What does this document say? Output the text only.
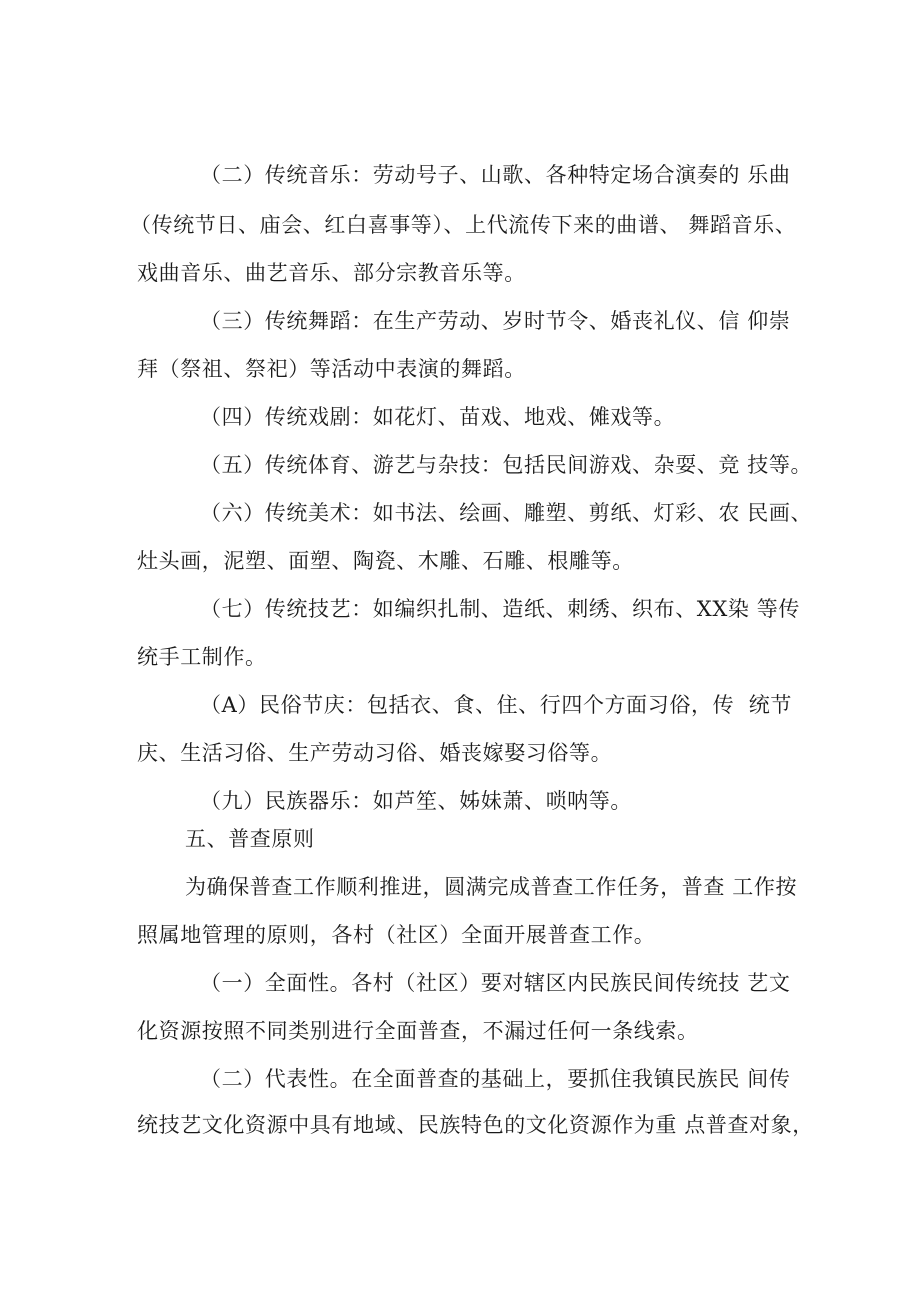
（二）传统音乐：劳动号子、山歌、各种特定场合演奏的 乐曲
（传统节日、庙会、红白喜事等）、上代流传下来的曲谱、 舞蹈音乐、
戏曲音乐、曲艺音乐、部分宗教音乐等。
（三）传统舞蹈：在生产劳动、岁时节令、婚丧礼仪、信 仰崇
拜（祭祖、祭祀）等活动中表演的舞蹈。
（四）传统戏剧：如花灯、苗戏、地戏、傩戏等。
（五）传统体育、游艺与杂技：包括民间游戏、杂耍、竞 技等。
（六）传统美术：如书法、绘画、雕塑、剪纸、灯彩、农 民画、
灶头画，泥塑、面塑、陶瓷、木雕、石雕、根雕等。
（七）传统技艺：如编织扎制、造纸、刺绣、织布、XX染 等传
统手工制作。
（A）民俗节庆：包括衣、食、住、行四个方面习俗，传  统节
庆、生活习俗、生产劳动习俗、婚丧嫁娶习俗等。
（九）民族器乐：如芦笙、姊妹萧、唢呐等。
五、普查原则
为确保普查工作顺利推进，圆满完成普查工作任务，普查 工作按
照属地管理的原则，各村（社区）全面开展普查工作。
（一）全面性。各村（社区）要对辖区内民族民间传统技 艺文
化资源按照不同类别进行全面普查，不漏过任何一条线索。
（二）代表性。在全面普查的基础上，要抓住我镇民族民 间传
统技艺文化资源中具有地域、民族特色的文化资源作为重 点普查对象，
